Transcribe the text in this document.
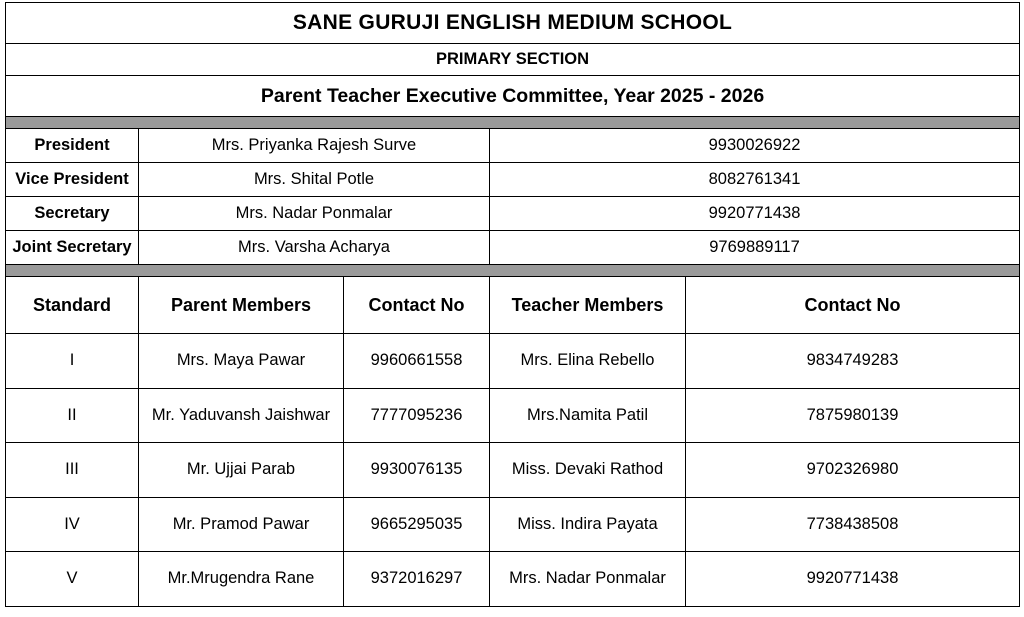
SANE GURUJI ENGLISH MEDIUM SCHOOL				
PRIMARY SECTION				
Parent Teacher Executive Committee, Year 2025 - 2026				

President	Mrs. Priyanka Rajesh Surve		9930026922	
Vice President	Mrs. Shital Potle		8082761341	
Secretary	Mrs. Nadar Ponmalar		9920771438	
Joint Secretary	Mrs. Varsha Acharya		9769889117	

Standard	Parent Members	Contact No	Teacher Members	Contact No
I	Mrs. Maya Pawar	9960661558	Mrs. Elina Rebello	9834749283
II	Mr. Yaduvansh Jaishwar	7777095236	Mrs.Namita Patil	7875980139
III	Mr. Ujjai Parab	9930076135	Miss. Devaki Rathod	9702326980
IV	Mr. Pramod Pawar	9665295035	Miss. Indira Payata	7738438508
V	Mr.Mrugendra Rane	9372016297	Mrs. Nadar Ponmalar	9920771438
